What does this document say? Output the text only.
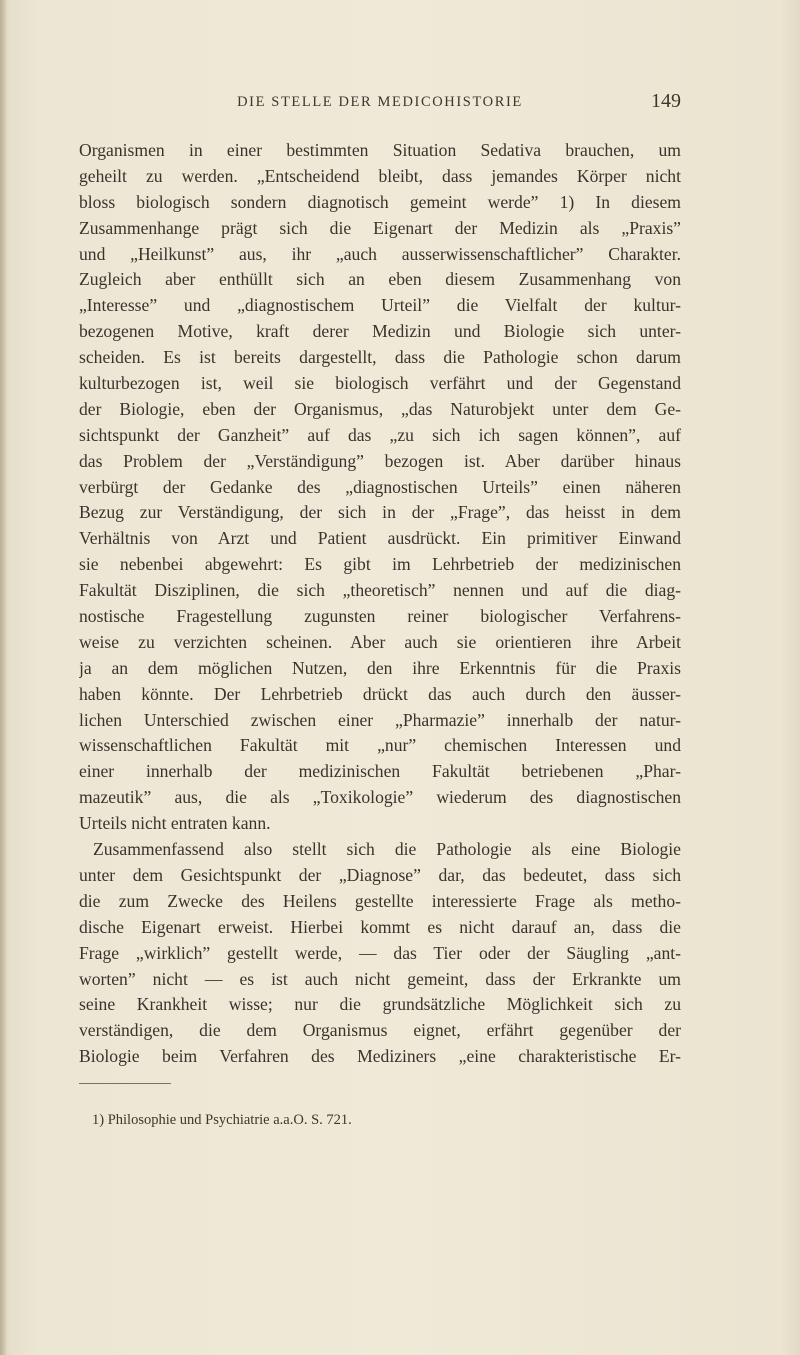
DIE STELLE DER MEDICOHISTORIE	149
Organismen in einer bestimmten Situation Sedativa brauchen, um
geheilt zu werden. „Entscheidend bleibt, dass jemandes Körper nicht
bloss biologisch sondern diagnotisch gemeint werde” 1) In diesem
Zusammenhange prägt sich die Eigenart der Medizin als „Praxis”
und „Heilkunst” aus, ihr „auch ausserwissenschaftlicher” Charakter.
Zugleich aber enthüllt sich an eben diesem Zusammenhang von
„Interesse” und „diagnostischem Urteil” die Vielfalt der kultur-
bezogenen Motive, kraft derer Medizin und Biologie sich unter-
scheiden. Es ist bereits dargestellt, dass die Pathologie schon darum
kulturbezogen ist, weil sie biologisch verfährt und der Gegenstand
der Biologie, eben der Organismus, „das Naturobjekt unter dem Ge-
sichtspunkt der Ganzheit” auf das „zu sich ich sagen können”, auf
das Problem der „Verständigung” bezogen ist. Aber darüber hinaus
verbürgt der Gedanke des „diagnostischen Urteils” einen näheren
Bezug zur Verständigung, der sich in der „Frage”, das heisst in dem
Verhältnis von Arzt und Patient ausdrückt. Ein primitiver Einwand
sie nebenbei abgewehrt: Es gibt im Lehrbetrieb der medizinischen
Fakultät Disziplinen, die sich „theoretisch” nennen und auf die diag-
nostische Fragestellung zugunsten reiner biologischer Verfahrens-
weise zu verzichten scheinen. Aber auch sie orientieren ihre Arbeit
ja an dem möglichen Nutzen, den ihre Erkenntnis für die Praxis
haben könnte. Der Lehrbetrieb drückt das auch durch den äusser-
lichen Unterschied zwischen einer „Pharmazie” innerhalb der natur-
wissenschaftlichen Fakultät mit „nur” chemischen Interessen und
einer innerhalb der medizinischen Fakultät betriebenen „Phar-
mazeutik” aus, die als „Toxikologie” wiederum des diagnostischen
Urteils nicht entraten kann.
Zusammenfassend also stellt sich die Pathologie als eine Biologie
unter dem Gesichtspunkt der „Diagnose” dar, das bedeutet, dass sich
die zum Zwecke des Heilens gestellte interessierte Frage als metho-
dische Eigenart erweist. Hierbei kommt es nicht darauf an, dass die
Frage „wirklich” gestellt werde, — das Tier oder der Säugling „ant-
worten” nicht — es ist auch nicht gemeint, dass der Erkrankte um
seine Krankheit wisse; nur die grundsätzliche Möglichkeit sich zu
verständigen, die dem Organismus eignet, erfährt gegenüber der
Biologie beim Verfahren des Mediziners „eine charakteristische Er-
1) Philosophie und Psychiatrie a.a.O. S. 721.
